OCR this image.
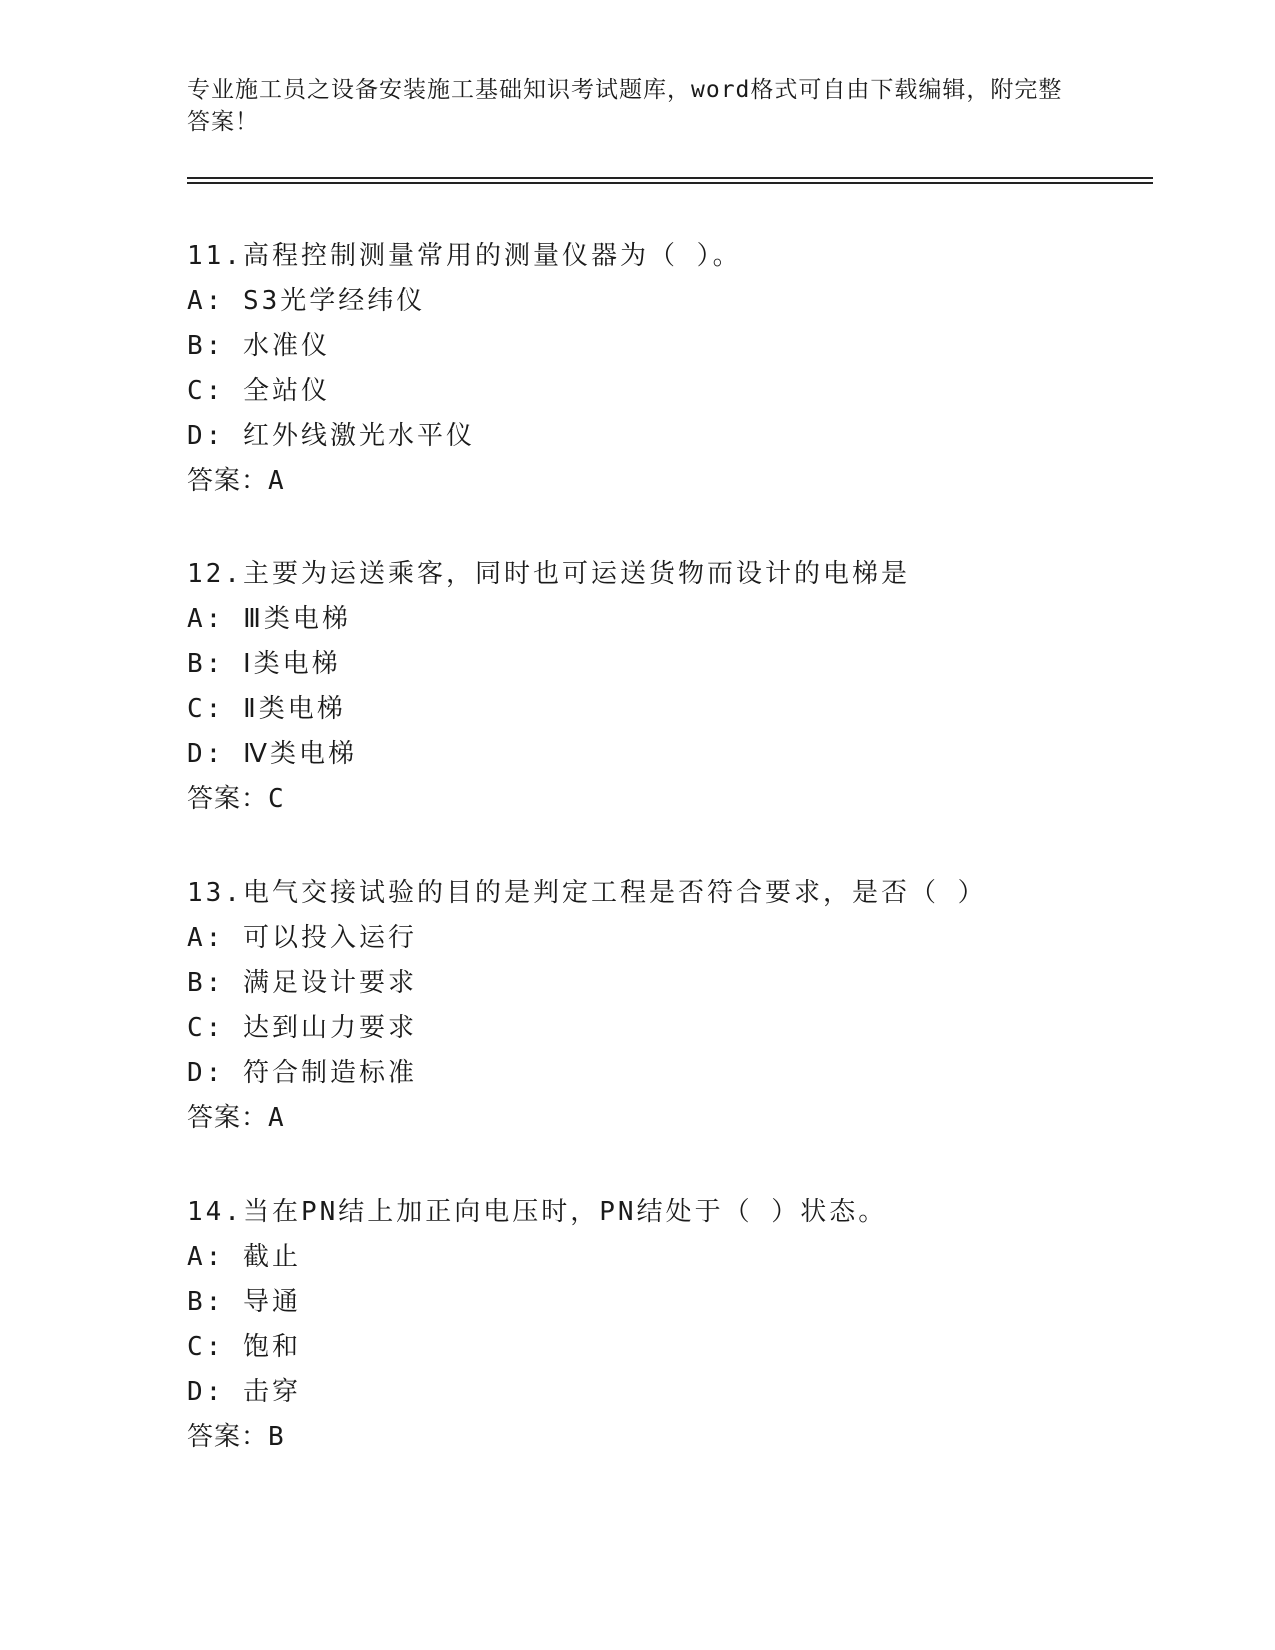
专业施工员之设备安装施工基础知识考试题库，word格式可自由下载编辑，附完整答案！
11.高程控制测量常用的测量仪器为（ ）。
A: S3光学经纬仪
B: 水准仪
C: 全站仪
D: 红外线激光水平仪
答案：A
12.主要为运送乘客，同时也可运送货物而设计的电梯是
A: Ⅲ类电梯
B: Ⅰ类电梯
C: Ⅱ类电梯
D: Ⅳ类电梯
答案：C
13.电气交接试验的目的是判定工程是否符合要求，是否（ ）
A: 可以投入运行
B: 满足设计要求
C: 达到山力要求
D: 符合制造标准
答案：A
14.当在PN结上加正向电压时，PN结处于（ ）状态。
A: 截止
B: 导通
C: 饱和
D: 击穿
答案：B
